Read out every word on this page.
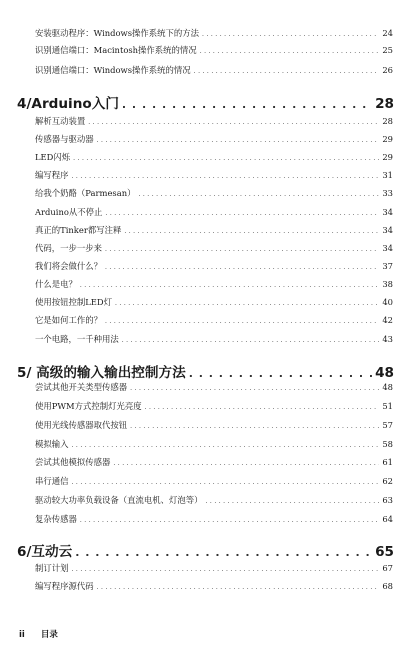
安装驱动程序：Windows操作系统下的方法 . . .	24
识别通信端口：Macintosh操作系统的情况 . . .	25
识别通信端口：Windows操作系统的情况 . . .	26
4/Arduino入门 . . .	28
解析互动装置 . . .	28
传感器与驱动器 . . .	29
LED闪烁 . . .	29
编写程序 . . .	31
给我个奶酪（Parmesan） . . .	33
Arduino从不停止 . . .	34
真正的Tinker都写注释 . . .	34
代码，一步一步来 . . .	34
我们将会做什么？ . . .	37
什么是电？ . . .	38
使用按钮控制LED灯 . . .	40
它是如何工作的？ . . .	42
一个电路，一千种用法 . . .	43
5/ 高级的输入输出控制方法 . . .	48
尝试其他开关类型传感器 . . .	48
使用PWM方式控制灯光亮度 . . .	51
使用光线传感器取代按钮 . . .	57
模拟输入 . . .	58
尝试其他模拟传感器 . . .	61
串行通信 . . .	62
驱动较大功率负载设备（直流电机、灯泡等） . . .	63
复杂传感器 . . .	64
6/互动云 . . .	65
制订计划 . . .	67
编写程序源代码 . . .	68
ii 目录
